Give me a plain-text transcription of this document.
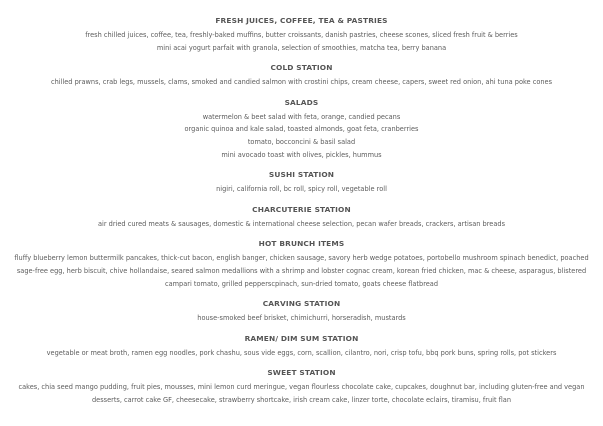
FRESH JUICES, COFFEE, TEA & PASTRIES
fresh chilled juices, coffee, tea, freshly-baked muffins, butter croissants, danish pastries, cheese scones, sliced fresh fruit & berries
mini acai yogurt parfait with granola, selection of smoothies, matcha tea, berry banana
COLD STATION
chilled prawns, crab legs, mussels, clams, smoked and candied salmon with crostini chips, cream cheese, capers, sweet red onion, ahi tuna poke cones
SALADS
watermelon & beet salad with feta, orange, candied pecans
organic quinoa and kale salad, toasted almonds, goat feta, cranberries
tomato, bocconcini & basil salad
mini avocado toast with olives, pickles, hummus
SUSHI STATION
nigiri, california roll, bc roll, spicy roll, vegetable roll
CHARCUTERIE STATION
air dried cured meats & sausages, domestic & international cheese selection, pecan wafer breads, crackers, artisan breads
HOT BRUNCH ITEMS
fluffy blueberry lemon buttermilk pancakes, thick-cut bacon, english banger, chicken sausage, savory herb wedge potatoes, portobello mushroom spinach benedict, poached sage-free egg, herb biscuit, chive hollandaise, seared salmon medallions with a shrimp and lobster cognac cream, korean fried chicken, mac & cheese, asparagus, blistered campari tomato, grilled pepperscpinach, sun-dried tomato, goats cheese flatbread
CARVING STATION
house-smoked beef brisket, chimichurri, horseradish, mustards
RAMEN/ DIM SUM STATION
vegetable or meat broth, ramen egg noodles, pork chashu, sous vide eggs, corn, scallion, cilantro, nori, crisp tofu, bbq pork buns, spring rolls, pot stickers
SWEET STATION
cakes, chia seed mango pudding, fruit pies, mousses, mini lemon curd meringue, vegan flourless chocolate cake, cupcakes, doughnut bar, including gluten-free and vegan desserts, carrot cake GF, cheesecake, strawberry shortcake, irish cream cake, linzer torte, chocolate eclairs, tiramisu, fruit flan
